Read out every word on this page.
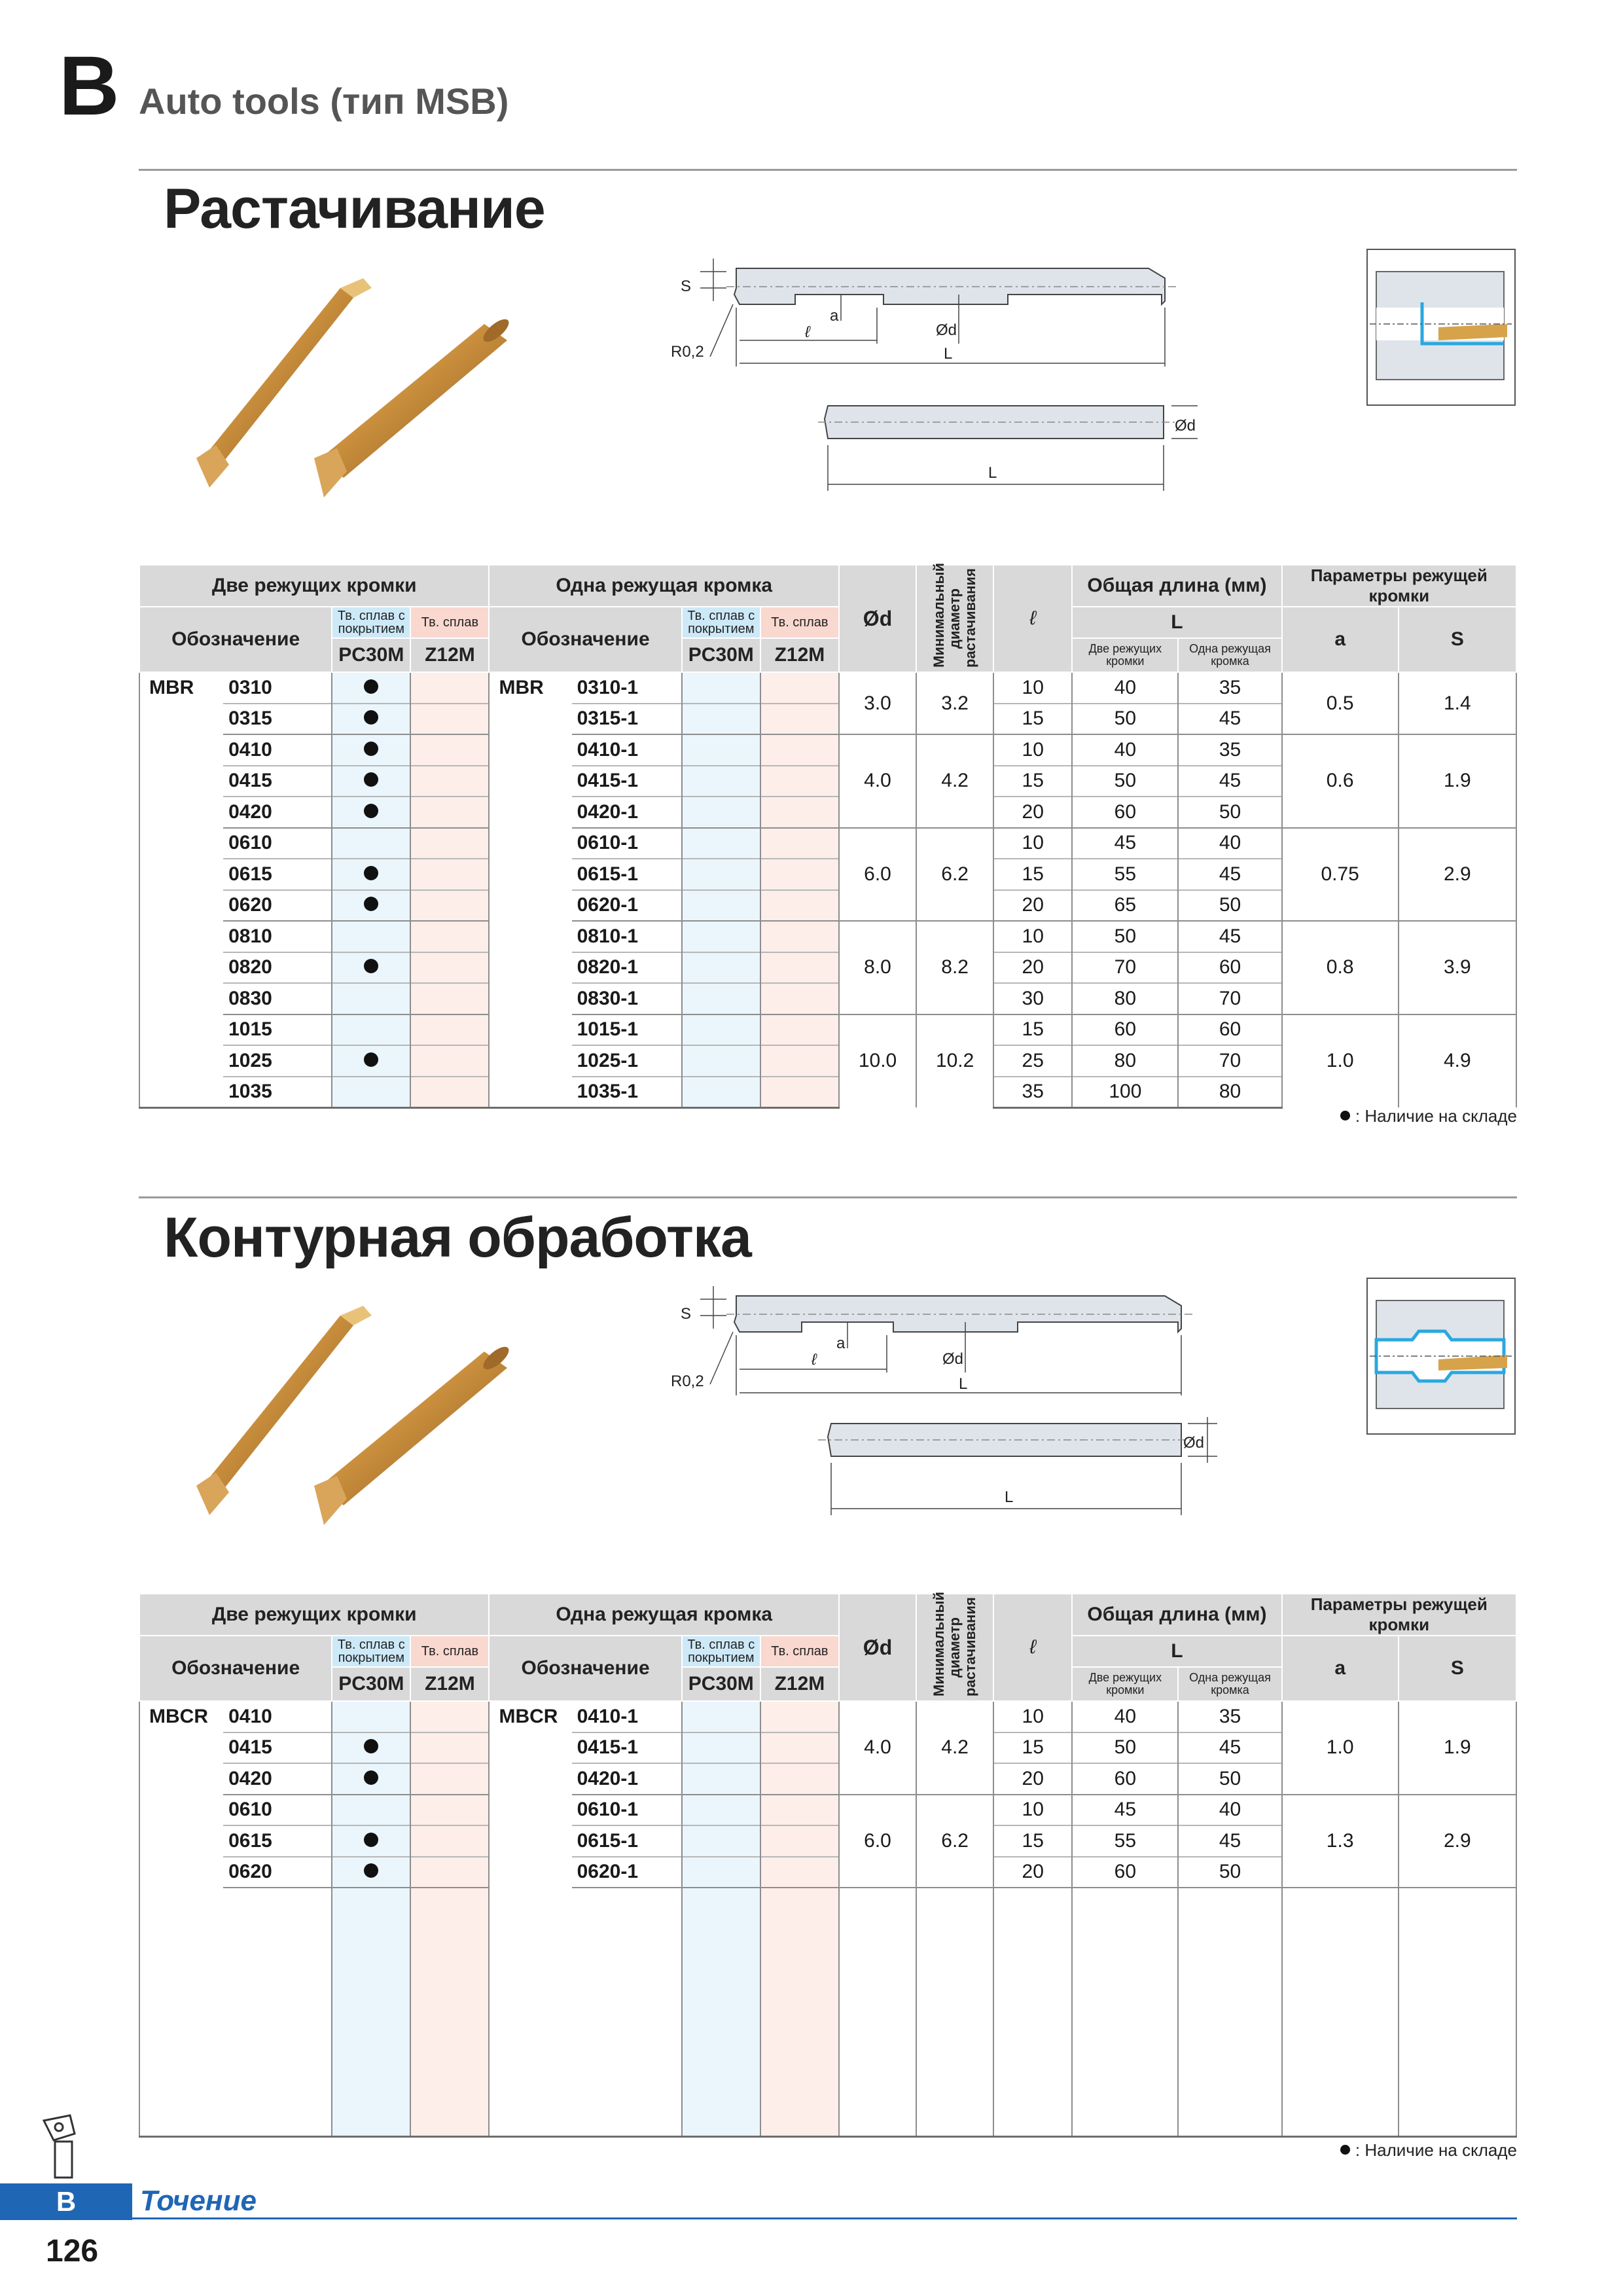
B Auto tools (тип MSB)
Растачивание
S
a
ℓ	Ød
L
R0,2
Ød
L
Две режущих кромки				Одна режущая кромка				Ød	Минимальный диаметр растачивания	ℓ	Общая длина (мм)		Параметры режущей кромки	
Обозначение		Тв. сплав с покрытием	Тв. сплав	Обозначение		Тв. сплав с покрытием	Тв. сплав				L		a	S
		PC30M	Z12M			PC30M	Z12M				Две режущих кромки	Одна режущая кромка		
MBR	0310			MBR	0310-1			3.0	3.2	10	40	35	0.5	1.4
	0315				0315-1					15	50	45		
	0410				0410-1			4.0	4.2	10	40	35	0.6	1.9
	0415				0415-1					15	50	45		
	0420				0420-1					20	60	50		
	0610				0610-1			6.0	6.2	10	45	40	0.75	2.9
	0615				0615-1					15	55	45		
	0620				0620-1					20	65	50		
	0810				0810-1			8.0	8.2	10	50	45	0.8	3.9
	0820				0820-1					20	70	60		
	0830				0830-1					30	80	70		
	1015				1015-1			10.0	10.2	15	60	60	1.0	4.9
	1025				1025-1					25	80	70		
	1035				1035-1					35	100	80		
: Наличие на складе
Контурная обработка
S
a
ℓ	Ød
L
R0,2
Ød
L
Две режущих кромки				Одна режущая кромка				Ød	Минимальный диаметр растачивания	ℓ	Общая длина (мм)		Параметры режущей кромки	
Обозначение		Тв. сплав с покрытием	Тв. сплав	Обозначение		Тв. сплав с покрытием	Тв. сплав				L		a	S
		PC30M	Z12M			PC30M	Z12M				Две режущих кромки	Одна режущая кромка		
MBCR	0410			MBCR	0410-1			4.0	4.2	10	40	35	1.0	1.9
	0415				0415-1					15	50	45		
	0420				0420-1					20	60	50		
	0610				0610-1			6.0	6.2	10	45	40	1.3	2.9
	0615				0615-1					15	55	45		
	0620				0620-1					20	60	50		

: Наличие на складе
B	Точение
126
